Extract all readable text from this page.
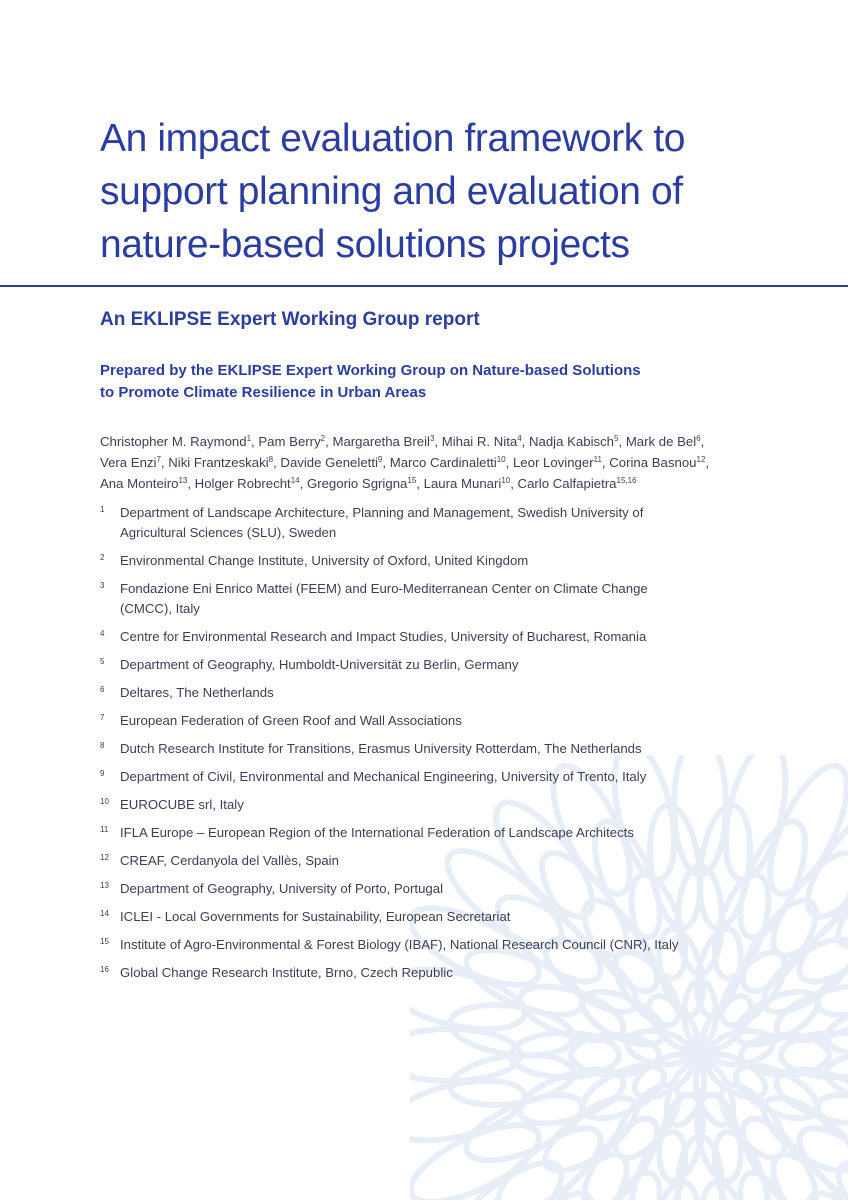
An impact evaluation framework to
support planning and evaluation of
nature-based solutions projects
An EKLIPSE Expert Working Group report

Prepared by the EKLIPSE Expert Working Group on Nature-based Solutions
to Promote Climate Resilience in Urban Areas

Christopher M. Raymond$^1$, Pam Berry$^2$, Margaretha Breil$^3$, Mihai R. Nita$^4$, Nadja Kabisch$^5$, Mark de Bel$^6$,
Vera Enzi$^7$, Niki Frantzeskaki$^8$, Davide Geneletti$^9$, Marco Cardinaletti$^{10}$, Leor Lovinger$^{11}$, Corina Basnou$^{12}$,
Ana Monteiro$^{13}$, Holger Robrecht$^{14}$, Gregorio Sgrigna$^{15}$, Laura Munari$^{10}$, Carlo Calfapietra$^{15,16}$
1	Department of Landscape Architecture, Planning and Management, Swedish University of
Agricultural Sciences (SLU), Sweden
2	Environmental Change Institute, University of Oxford, United Kingdom
3	Fondazione Eni Enrico Mattei (FEEM) and Euro-Mediterranean Center on Climate Change
(CMCC), Italy
4	Centre for Environmental Research and Impact Studies, University of Bucharest, Romania
5	Department of Geography, Humboldt-Universität zu Berlin, Germany
6	Deltares, The Netherlands
7	European Federation of Green Roof and Wall Associations
8	Dutch Research Institute for Transitions, Erasmus University Rotterdam, The Netherlands
9	Department of Civil, Environmental and Mechanical Engineering, University of Trento, Italy
10 EUROCUBE srl, Italy
11 IFLA Europe – European Region of the International Federation of Landscape Architects
12 CREAF, Cerdanyola del Vallès, Spain
13 Department of Geography, University of Porto, Portugal
14 ICLEI - Local Governments for Sustainability, European Secretariat
15 Institute of Agro-Environmental & Forest Biology (IBAF), National Research Council (CNR), Italy
16 Global Change Research Institute, Brno, Czech Republic
